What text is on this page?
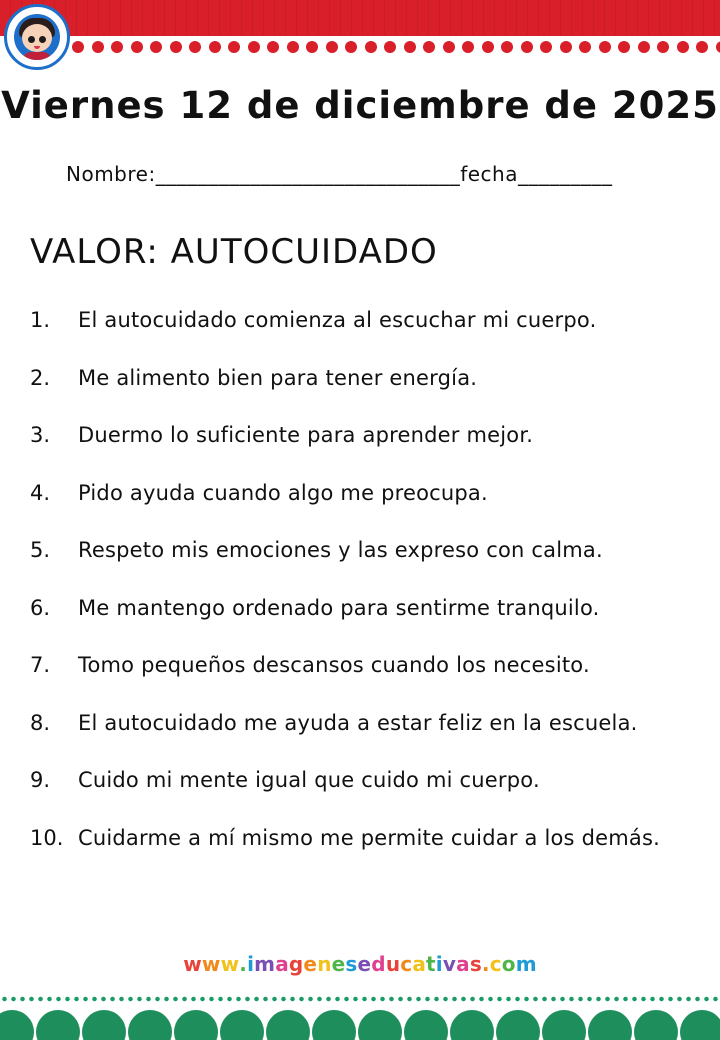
Viernes 12 de diciembre de 2025
Nombre:_____________________________fecha_________
VALOR: AUTOCUIDADO
1. El autocuidado comienza al escuchar mi cuerpo.
2. Me alimento bien para tener energía.
3. Duermo lo suficiente para aprender mejor.
4. Pido ayuda cuando algo me preocupa.
5. Respeto mis emociones y las expreso con calma.
6. Me mantengo ordenado para sentirme tranquilo.
7. Tomo pequeños descansos cuando los necesito.
8. El autocuidado me ayuda a estar feliz en la escuela.
9. Cuido mi mente igual que cuido mi cuerpo.
10. Cuidarme a mí mismo me permite cuidar a los demás.
www.imageneseducativas.com
